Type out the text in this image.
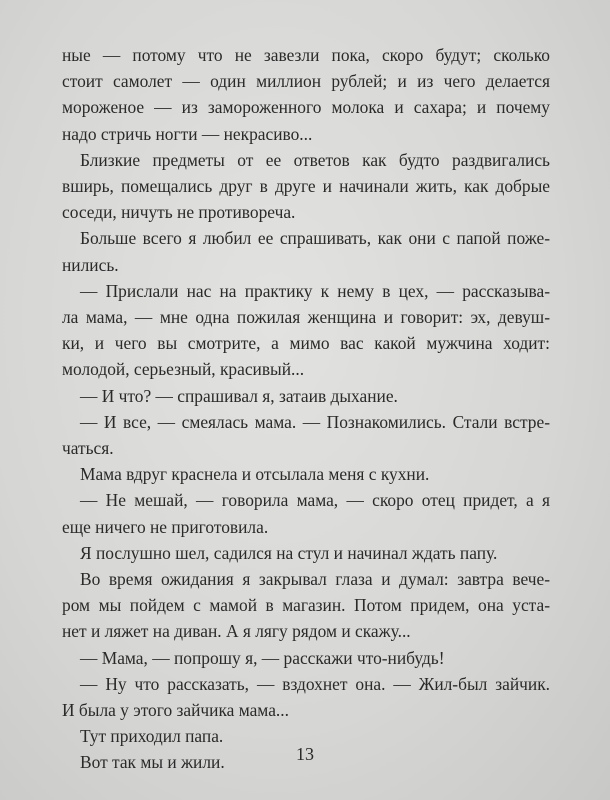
ные — потому что не завезли пока, скоро будут; сколько
стоит самолет — один миллион рублей; и из чего делается
мороженое — из замороженного молока и сахара; и почему
надо стричь ногти — некрасиво...
Близкие предметы от ее ответов как будто раздвигались
вширь, помещались друг в друге и начинали жить, как добрые
соседи, ничуть не противореча.
Больше всего я любил ее спрашивать, как они с папой поже-
нились.
— Прислали нас на практику к нему в цех, — рассказыва-
ла мама, — мне одна пожилая женщина и говорит: эх, девуш-
ки, и чего вы смотрите, а мимо вас какой мужчина ходит:
молодой, серьезный, красивый...
— И что? — спрашивал я, затаив дыхание.
— И все, — смеялась мама. — Познакомились. Стали встре-
чаться.
Мама вдруг краснела и отсылала меня с кухни.
— Не мешай, — говорила мама, — скоро отец придет, а я
еще ничего не приготовила.
Я послушно шел, садился на стул и начинал ждать папу.
Во время ожидания я закрывал глаза и думал: завтра вече-
ром мы пойдем с мамой в магазин. Потом придем, она уста-
нет и ляжет на диван. А я лягу рядом и скажу...
— Мама, — попрошу я, — расскажи что-нибудь!
— Ну что рассказать, — вздохнет она. — Жил-был зайчик.
И была у этого зайчика мама...
Тут приходил папа.
Вот так мы и жили.	13
